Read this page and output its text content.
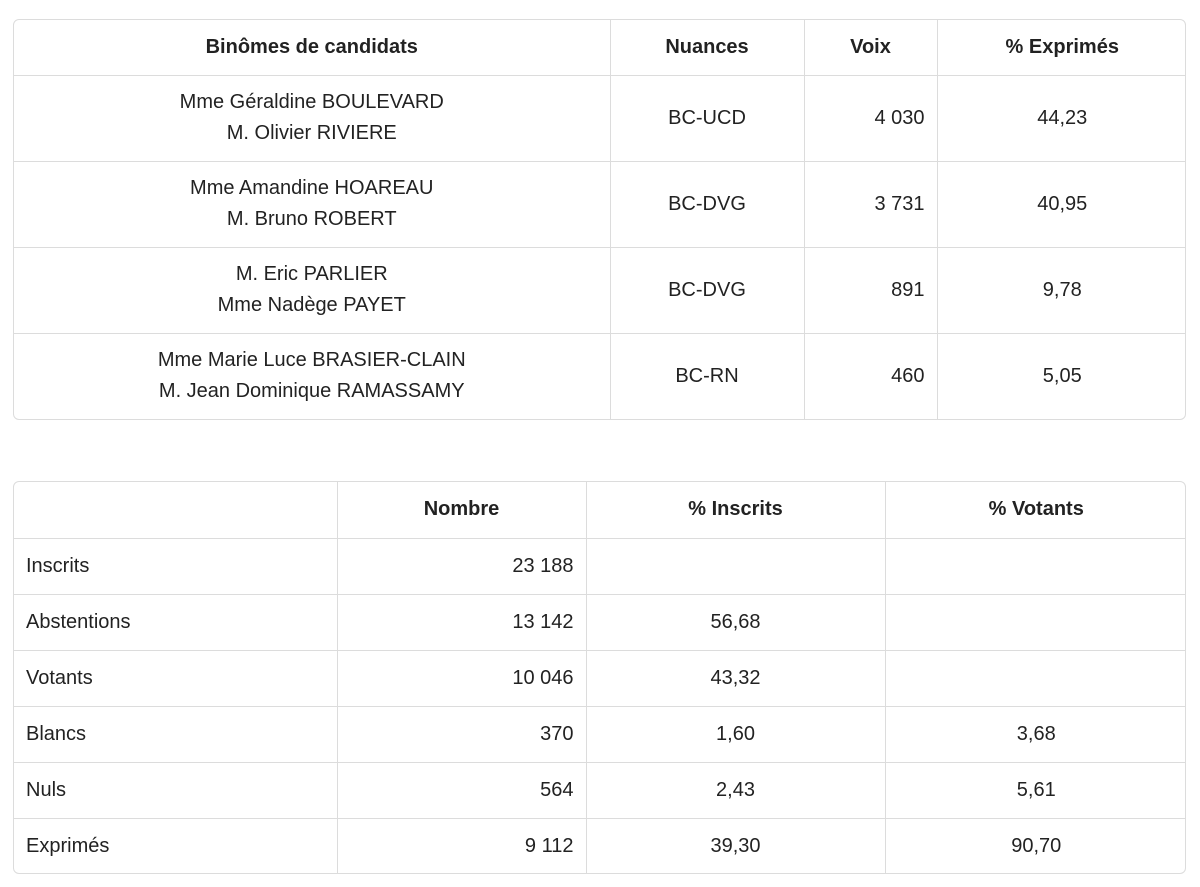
Binômes de candidats	Nuances	Voix	% Exprimés

Mme Géraldine BOULEVARD
M. Olivier RIVIERE	BC-UCD	4 030	44,23

Mme Amandine HOAREAU
M. Bruno ROBERT	BC-DVG	3 731	40,95

M. Eric PARLIER
Mme Nadège PAYET	BC-DVG	891	9,78

Mme Marie Luce BRASIER-CLAIN
M. Jean Dominique RAMASSAMY	BC-RN	460	5,05
	Nombre	% Inscrits	% Votants
Inscrits	23 188		
Abstentions	13 142	56,68	
Votants	10 046	43,32	
Blancs	370	1,60	3,68
Nuls	564	2,43	5,61
Exprimés	9 112	39,30	90,70
